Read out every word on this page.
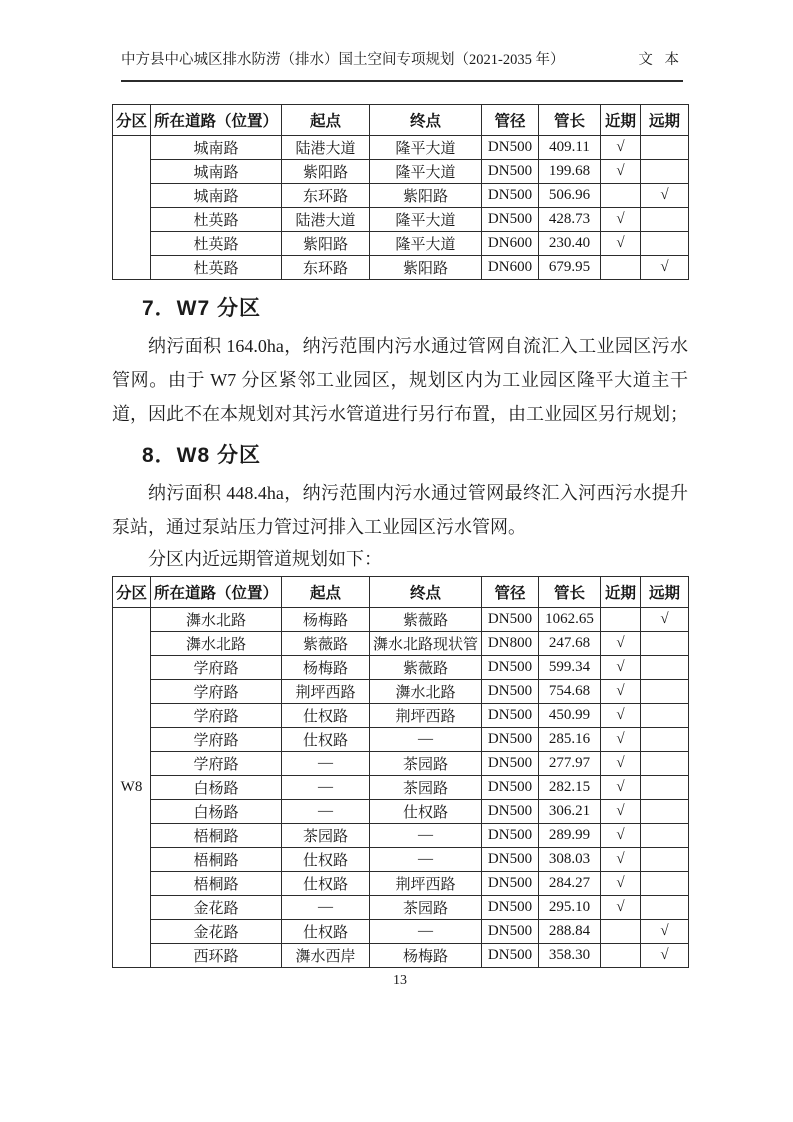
中方县中心城区排水防涝（排水）国土空间专项规划（2021-2035 年）	文 本
分区	所在道路（位置）	起点	终点	管径	管长	近期	远期
	城南路	陆港大道	隆平大道	DN500	409.11	√	
	城南路	紫阳路	隆平大道	DN500	199.68	√	
	城南路	东环路	紫阳路	DN500	506.96		√
	杜英路	陆港大道	隆平大道	DN500	428.73	√	
	杜英路	紫阳路	隆平大道	DN600	230.40	√	
	杜英路	东环路	紫阳路	DN600	679.95		√
7．W7 分区

纳污面积 164.0ha，纳污范围内污水通过管网自流汇入工业园区污水管网。由于 W7 分区紧邻工业园区，规划区内为工业园区隆平大道主干道，因此不在本规划对其污水管道进行另行布置，由工业园区另行规划；

8．W8 分区

纳污面积 448.4ha，纳污范围内污水通过管网最终汇入河西污水提升泵站，通过泵站压力管过河排入工业园区污水管网。

分区内近远期管道规划如下：

分区	所在道路（位置）	起点	终点	管径	管长	近期	远期
W8	㵲水北路	杨梅路	紫薇路	DN500	1062.65		√
	㵲水北路	紫薇路	㵲水北路现状管	DN800	247.68	√	
	学府路	杨梅路	紫薇路	DN500	599.34	√	
	学府路	荆坪西路	㵲水北路	DN500	754.68	√	
	学府路	仕权路	荆坪西路	DN500	450.99	√	
	学府路	仕权路	—	DN500	285.16	√	
	学府路	—	茶园路	DN500	277.97	√	
	白杨路	—	茶园路	DN500	282.15	√	
	白杨路	—	仕权路	DN500	306.21	√	
	梧桐路	茶园路	—	DN500	289.99	√	
	梧桐路	仕权路	—	DN500	308.03	√	
	梧桐路	仕权路	荆坪西路	DN500	284.27	√	
	金花路	—	茶园路	DN500	295.10	√	
	金花路	仕权路	—	DN500	288.84		√
	西环路	㵲水西岸	杨梅路	DN500	358.30		√
13
